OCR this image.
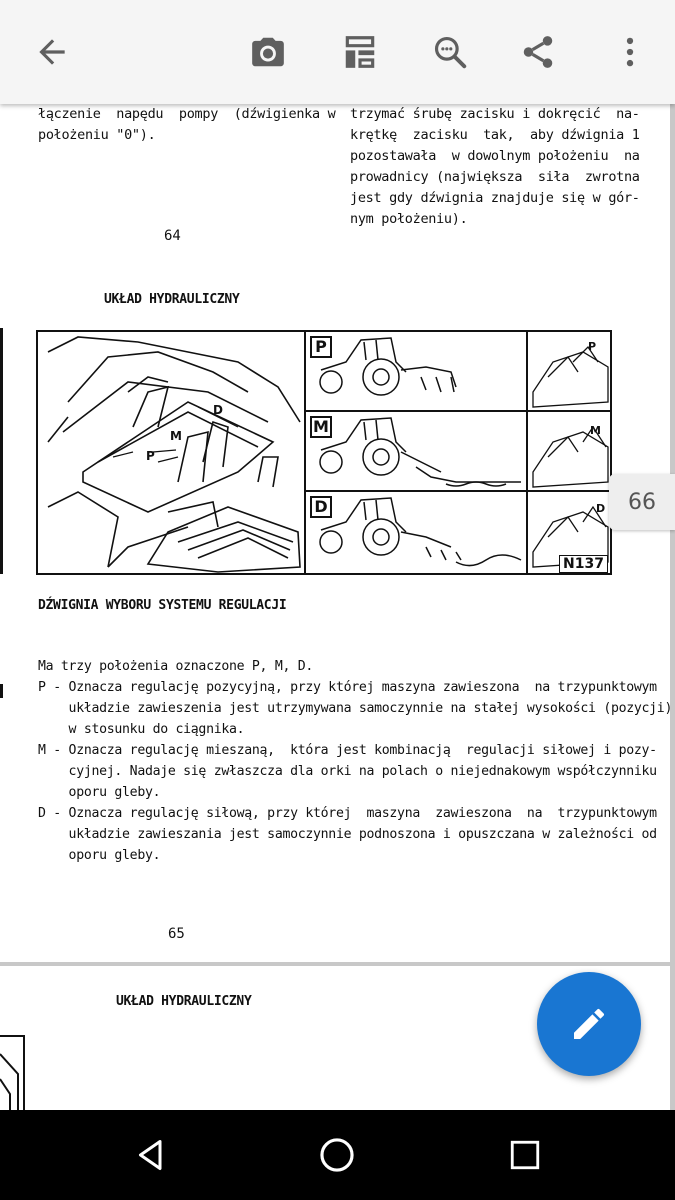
łączenie  napędu  pompy  (dźwigienka w
położeniu "0").
trzymać śrubę zacisku i dokręcić  na-
krętkę  zacisku  tak,  aby dźwignia 1
pozostawała  w dowolnym położeniu  na
prowadnicy (największa  siła  zwrotna
jest gdy dźwignia znajduje się w gór-
nym położeniu).
64
UKŁAD HYDRAULICZNY
M
P
D
P
M
D
P
M
D
N137
DŹWIGNIA WYBORU SYSTEMU REGULACJI
Ma trzy położenia oznaczone P, M, D.
P - Oznacza regulację pozycyjną, przy której maszyna zawieszona  na trzypunktowym
układzie zawieszenia jest utrzymywana samoczynnie na stałej wysokości (pozycji)
w stosunku do ciągnika.
M - Oznacza regulację mieszaną,  która jest kombinacją  regulacji siłowej i pozy-
cyjnej. Nadaje się zwłaszcza dla orki na polach o niejednakowym współczynniku
oporu gleby.
D - Oznacza regulację siłową, przy której  maszyna  zawieszona  na  trzypunktowym
układzie zawieszania jest samoczynnie podnoszona i opuszczana w zależności od
oporu gleby.
65
UKŁAD HYDRAULICZNY
66
